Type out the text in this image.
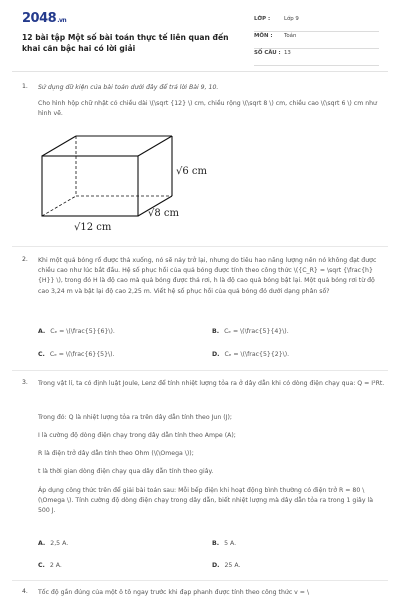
2048.vn
12 bài tập Một số bài toán thực tế liên quan đến khai căn bậc hai có lời giải
LỚP :	Lớp 9
MÔN : Toán
SỐ CÂU : 13
1. Sử dụng dữ kiện của bài toán dưới đây để trả lời Bài 9, 10.
Cho hình hộp chữ nhật có chiều dài \(\sqrt {12} \) cm, chiều rộng \(\sqrt 8 \) cm, chiều cao \(\sqrt 6 \) cm như hình vẽ.
√6 cm
√8 cm
√12 cm
2. Khi một quả bóng rổ được thả xuống, nó sẽ nảy trở lại, nhưng do tiêu hao năng lượng nên nó không đạt được chiều cao như lúc bắt đầu. Hệ số phục hồi của quả bóng được tính theo công thức \({C_R} = \sqrt {\frac{h}{H}} \), trong đó H là độ cao mà quả bóng được thả rơi, h là độ cao quả bóng bật lại. Một quả bóng rơi từ độ cao 3,24 m và bật lại độ cao 2,25 m. Viết hệ số phục hồi của quả bóng đó dưới dạng phân số?
A. Cₑ = \(\frac{5}{6}\).	B. Cₑ = \(\frac{5}{4}\).
C. Cₑ = \(\frac{6}{5}\).	D. Cₑ = \(\frac{5}{2}\).
3. Trong vật lí, ta có định luật Joule, Lenz để tính nhiệt lượng tỏa ra ở dây dẫn khi có dòng điện chạy qua: Q = I²Rt.
Trong đó: Q là nhiệt lượng tỏa ra trên dây dẫn tính theo Jun (J);
I là cường độ dòng điện chạy trong dây dẫn tính theo Ampe (A);
R là điện trở dây dẫn tính theo Ohm (\(\Omega \));
t là thời gian dòng điện chạy qua dây dẫn tính theo giây.
Áp dụng công thức trên để giải bài toán sau: Mỗi bếp điện khi hoạt động bình thường có điện trở R = 80 \(\Omega \). Tính cường độ dòng điện chạy trong dây dẫn, biết nhiệt lượng mà dây dẫn tỏa ra trong 1 giây là 500 J.
A. 2,5 A.	B. 5 A.
C. 2 A.	D. 25 A.
4. Tốc độ gần đúng của một ô tô ngay trước khi đạp phanh được tính theo công thức v = \
